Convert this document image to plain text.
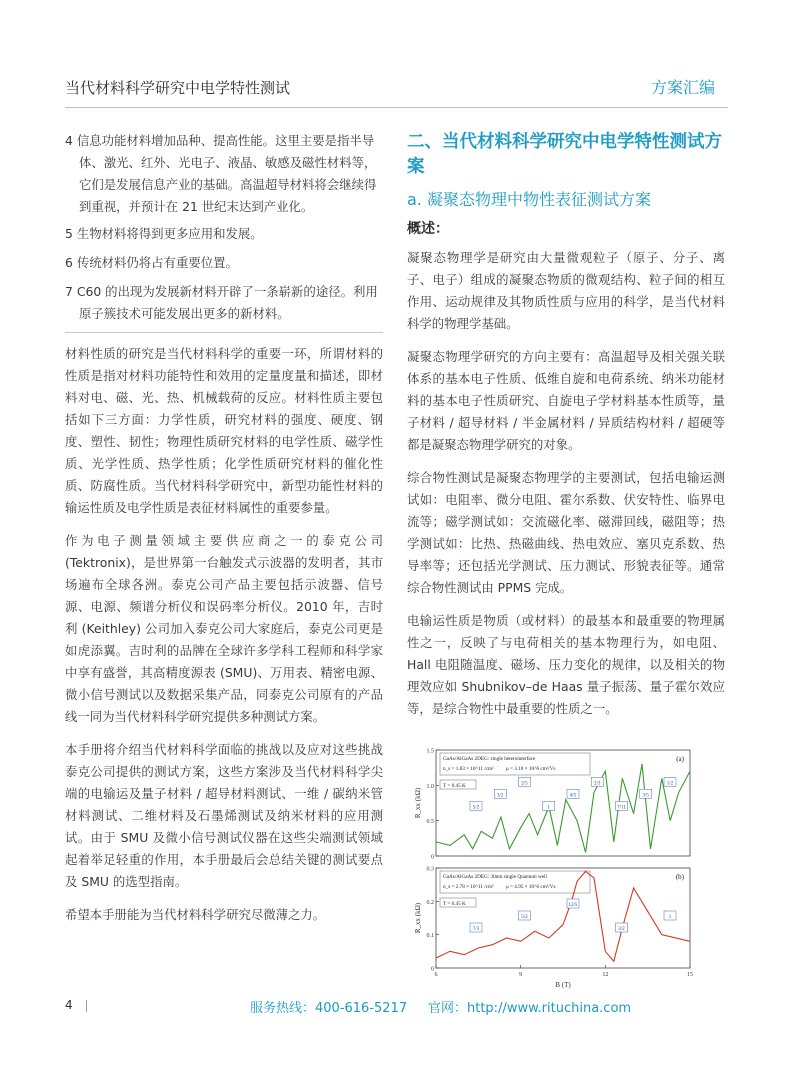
当代材料科学研究中电学特性测试	方案汇编
4 信息功能材料增加品种、提高性能。这里主要是指半导体、激光、红外、光电子、液晶、敏感及磁性材料等，它们是发展信息产业的基础。高温超导材料将会继续得到重视，并预计在 21 世纪末达到产业化。
5 生物材料将得到更多应用和发展。
6 传统材料仍将占有重要位置。
7 C60 的出现为发展新材料开辟了一条崭新的途径。利用原子簇技术可能发展出更多的新材料。

材料性质的研究是当代材料科学的重要一环，所谓材料的性质是指对材料功能特性和效用的定量度量和描述，即材料对电、磁、光、热、机械载荷的反应。材料性质主要包括如下三方面：力学性质，研究材料的强度、硬度、钢度、塑性、韧性；物理性质研究材料的电学性质、磁学性质、光学性质、热学性质；化学性质研究材料的催化性质、防腐性质。当代材料科学研究中，新型功能性材料的输运性质及电学性质是表征材料属性的重要参量。

作为电子测量领域主要供应商之一的泰克公司 (Tektronix)，是世界第一台触发式示波器的发明者，其市场遍布全球各洲。泰克公司产品主要包括示波器、信号源、电源、频谱分析仪和误码率分析仪。2010 年，吉时利 (Keithley) 公司加入泰克公司大家庭后，泰克公司更是如虎添翼。吉时利的品牌在全球许多学科工程师和科学家中享有盛誉，其高精度源表 (SMU)、万用表、精密电源、微小信号测试以及数据采集产品，同泰克公司原有的产品线一同为当代材料科学研究提供多种测试方案。

本手册将介绍当代材料科学面临的挑战以及应对这些挑战泰克公司提供的测试方案，这些方案涉及当代材料科学尖端的电输运及量子材料 / 超导材料测试、一维 / 碳纳米管材料测试、二维材料及石墨烯测试及纳米材料的应用测试。由于 SMU 及微小信号测试仪器在这些尖端测试领域起着举足轻重的作用，本手册最后会总结关键的测试要点及 SMU 的选型指南。

希望本手册能为当代材料科学研究尽微薄之力。

二、当代材料科学研究中电学特性测试方案
a. 凝聚态物理中物性表征测试方案
概述：

凝聚态物理学是研究由大量微观粒子（原子、分子、离子、电子）组成的凝聚态物质的微观结构、粒子间的相互作用、运动规律及其物质性质与应用的科学，是当代材料科学的物理学基础。

凝聚态物理学研究的方向主要有：高温超导及相关强关联体系的基本电子性质、低维自旋和电荷系统、纳米功能材料的基本电子性质研究、自旋电子学材料基本性质等，量子材料 / 超导材料 / 半金属材料 / 异质结构材料 / 超硬等都是凝聚态物理学研究的对象。

综合物性测试是凝聚态物理学的主要测试，包括电输运测试如：电阻率、微分电阻、霍尔系数、伏安特性、临界电流等；磁学测试如：交流磁化率、磁滞回线，磁阻等；热学测试如：比热、热磁曲线、热电效应、塞贝克系数、热导率等；还包括光学测试、压力测试、形貌表征等。通常综合物性测试由 PPMS 完成。

电输运性质是物质（或材料）的最基本和最重要的物理属性之一，反映了与电荷相关的基本物理行为，如电阻、Hall 电阻随温度、磁场、压力变化的规律，以及相关的物理效应如 Shubnikov–de Haas 量子振荡、量子霍尔效应等，是综合物性中最重要的性质之一。

0
0.5
1.0
1.5
R_xx (kΩ)
GaAs/AlGaAs 2DEG: single heterointerface
n_s = 1.83 × 10^11 /cm² μ = 3.10 × 10^6 cm²/Vs
(a)
T = 0.45 K
5/2
3/2
2/5
1
4/5
2/3
7/11
3/5
1/2
0
0.1
0.2
0.3
R_xx (kΩ)
GaAs/AlGaAs 2DEG: 30nm single Quantum well
n_s = 2.78 × 10^11 /cm² μ = 4.95 × 10^6 cm²/Vs
(b)
T = 0.45 K
7/3
5/2
12/5
3/2
1
6	9	12	15
B (T)
4	服务热线：400-616-5217 官网：http://www.rituchina.com
